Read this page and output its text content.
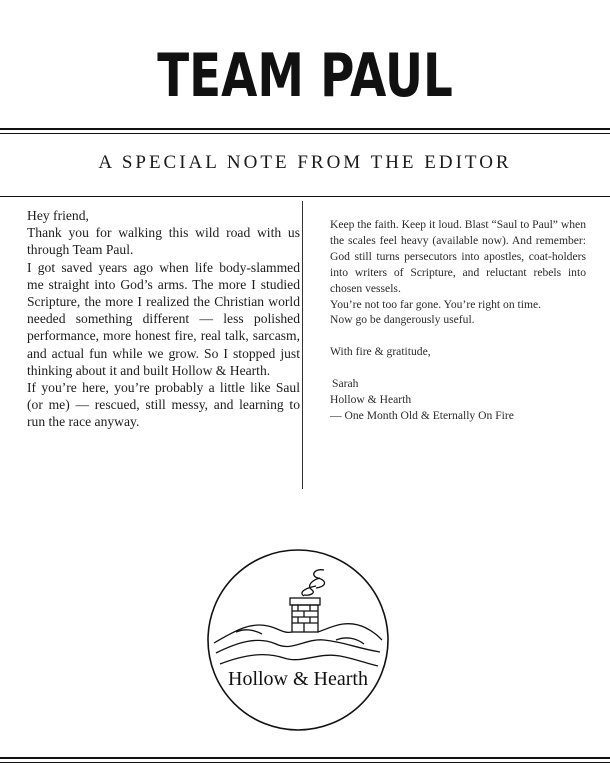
TEAM PAUL
A SPECIAL NOTE FROM THE EDITOR

Hey friend,

Thank you for walking this wild road with us through Team Paul.

I got saved years ago when life body-slammed me straight into God’s arms. The more I studied Scripture, the more I realized the Christian world needed something different — less polished performance, more honest fire, real talk, sarcasm, and actual fun while we grow. So I stopped just thinking about it and built Hollow & Hearth.

If you’re here, you’re probably a little like Saul (or me) — rescued, still messy, and learning to run the race anyway.

Keep the faith. Keep it loud. Blast “Saul to Paul” when the scales feel heavy (available now). And remember: God still turns persecutors into apostles, coat-holders into writers of Scripture, and reluctant rebels into chosen vessels.

You’re not too far gone. You’re right on time.

Now go be dangerously useful.

With fire & gratitude,

Sarah

Hollow & Hearth

— One Month Old & Eternally On Fire

Hollow & Hearth
